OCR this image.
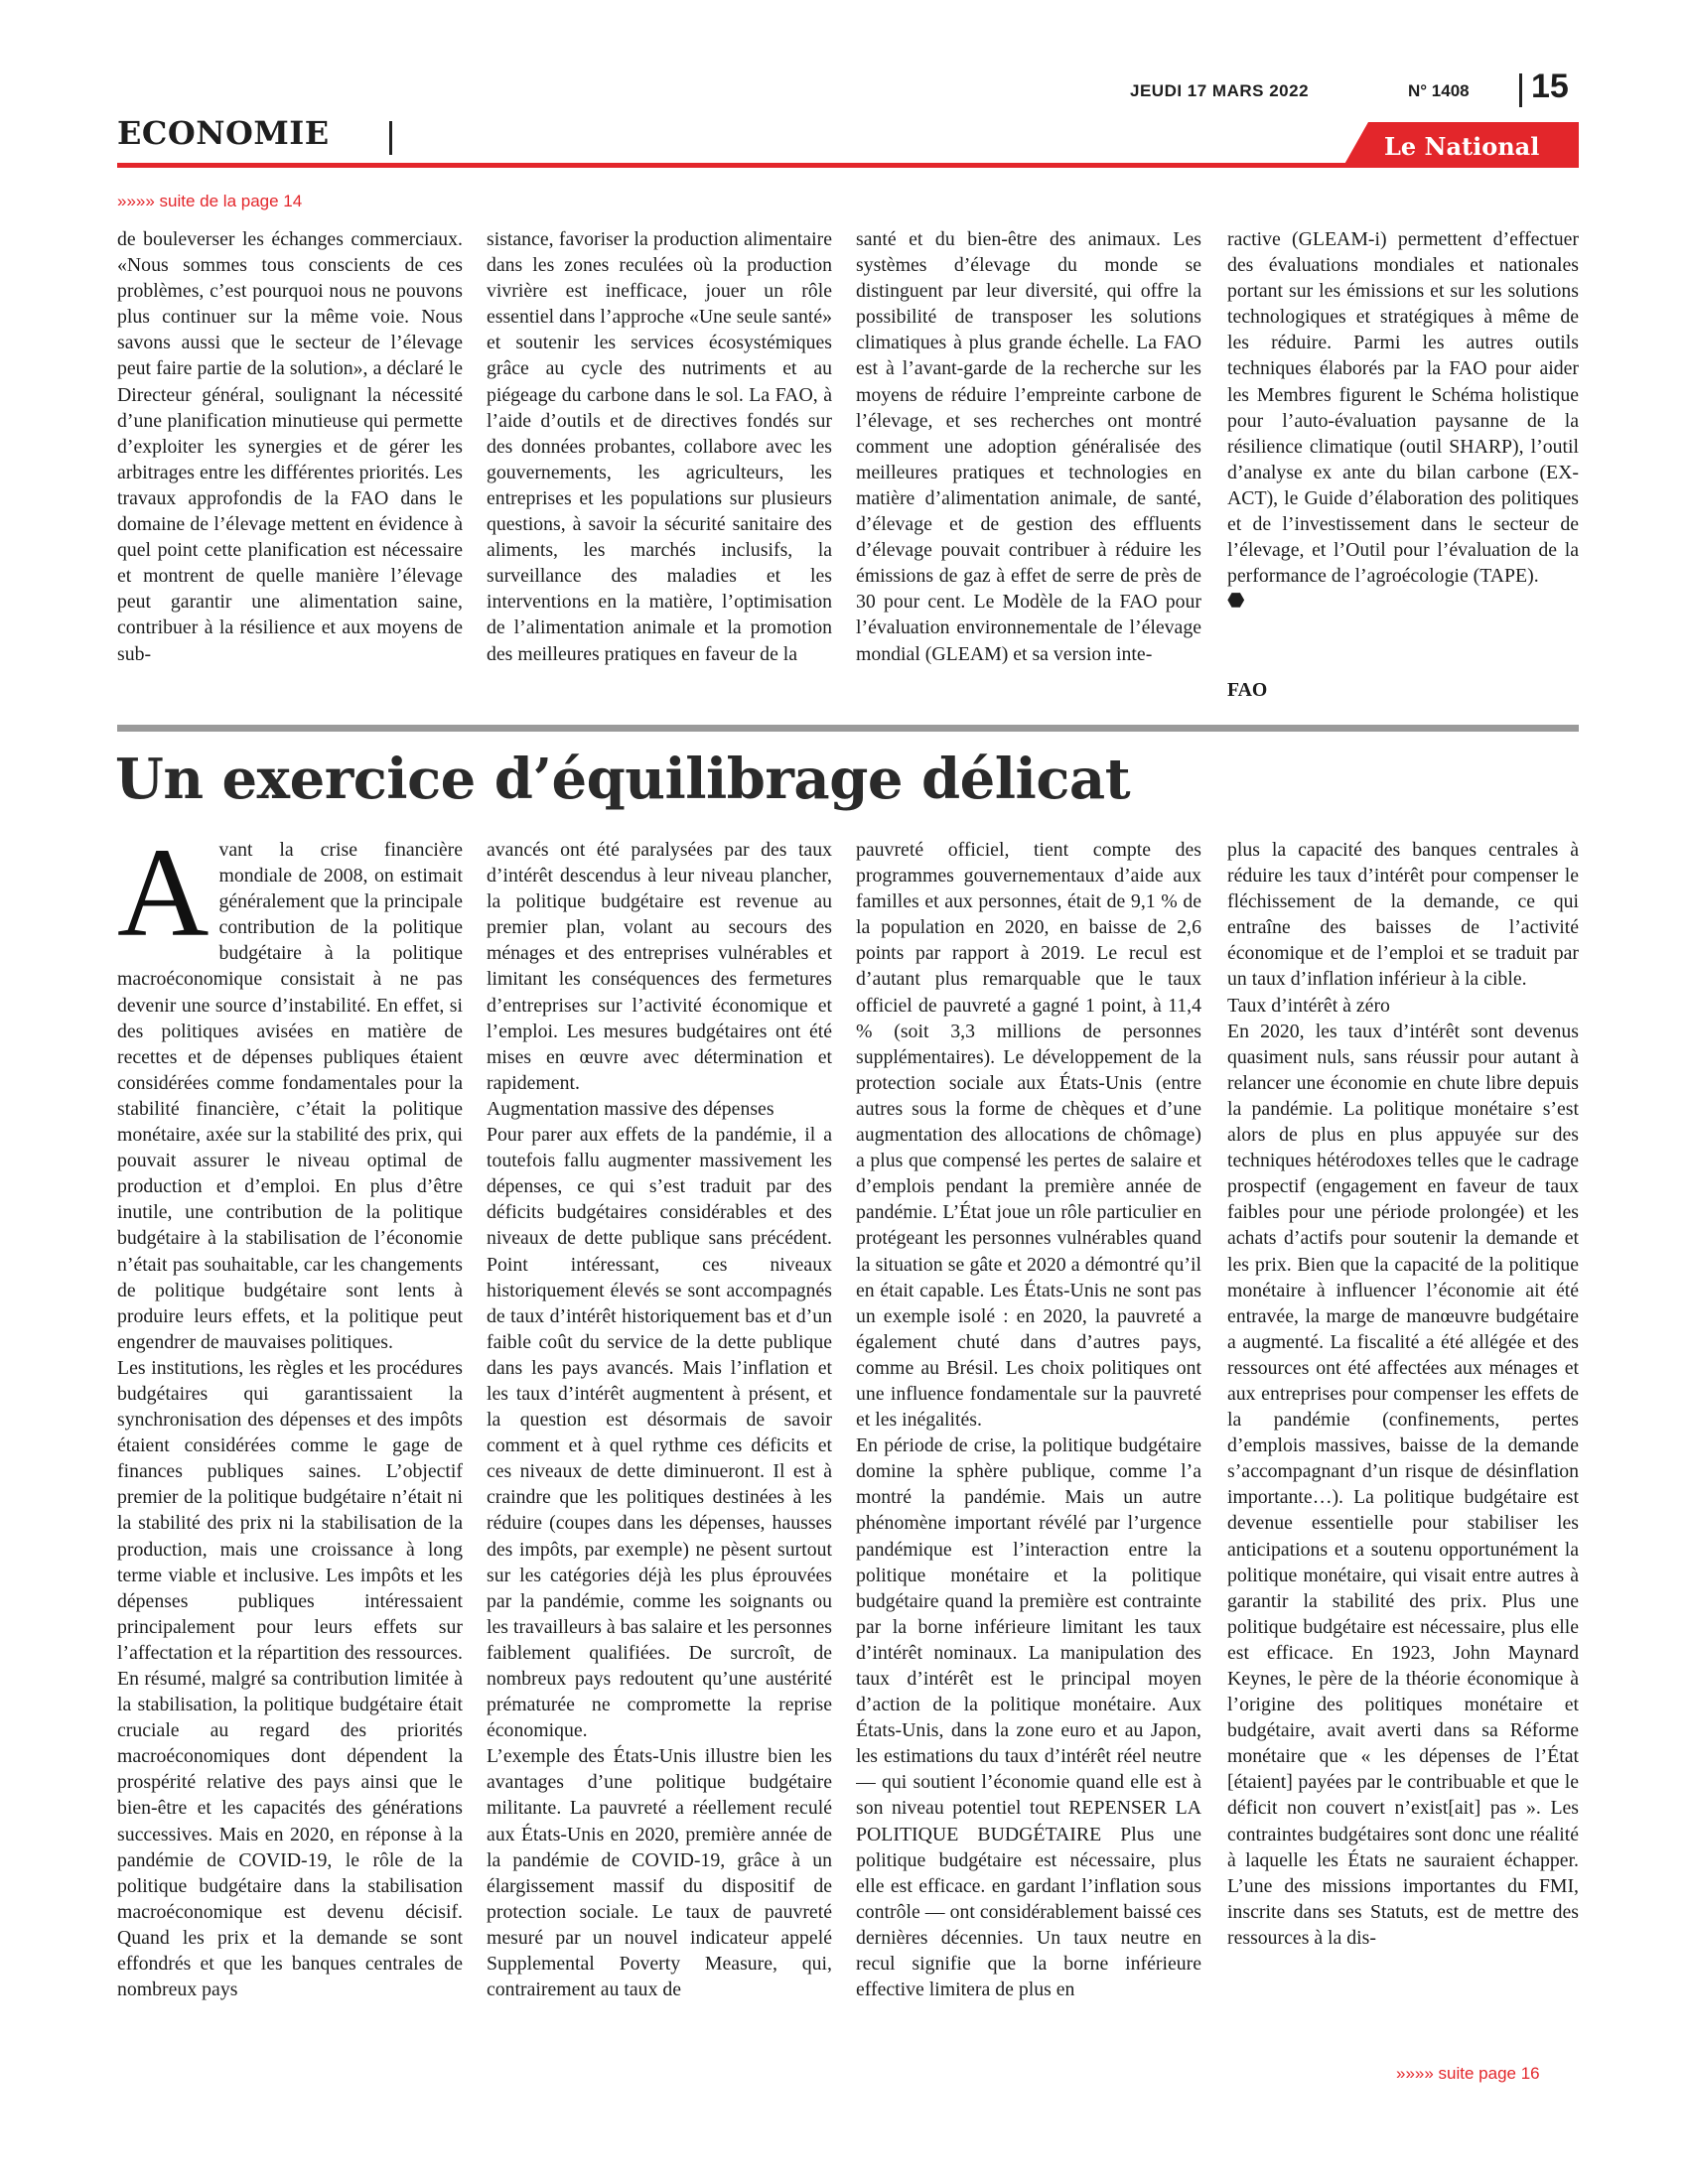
JEUDI 17 MARS 2022	N° 1408 15
ECONOMIE	Le National
»»»» suite de la page 14

de bouleverser les échanges commerciaux. «Nous sommes tous conscients de ces problèmes, c’est pourquoi nous ne pouvons plus continuer sur la même voie. Nous savons aussi que le secteur de l’élevage peut faire partie de la solution», a déclaré le Directeur général, soulignant la nécessité d’une planification minutieuse qui permette d’exploiter les synergies et de gérer les arbitrages entre les différentes priorités. Les travaux approfondis de la FAO dans le domaine de l’élevage mettent en évidence à quel point cette planification est nécessaire et montrent de quelle manière l’élevage peut garantir une alimentation saine, contribuer à la résilience et aux moyens de sub-

sistance, favoriser la production alimentaire dans les zones reculées où la production vivrière est inefficace, jouer un rôle essentiel dans l’approche «Une seule santé» et soutenir les services écosystémiques grâce au cycle des nutriments et au piégeage du carbone dans le sol. La FAO, à l’aide d’outils et de directives fondés sur des données probantes, collabore avec les gouvernements, les agriculteurs, les entreprises et les populations sur plusieurs questions, à savoir la sécurité sanitaire des aliments, les marchés inclusifs, la surveillance des maladies et les interventions en la matière, l’optimisation de l’alimentation animale et la promotion des meilleures pratiques en faveur de la

santé et du bien-être des animaux. Les systèmes d’élevage du monde se distinguent par leur diversité, qui offre la possibilité de transposer les solutions climatiques à plus grande échelle. La FAO est à l’avant-garde de la recherche sur les moyens de réduire l’empreinte carbone de l’élevage, et ses recherches ont montré comment une adoption généralisée des meilleures pratiques et technologies en matière d’alimentation animale, de santé, d’élevage et de gestion des effluents d’élevage pouvait contribuer à réduire les émissions de gaz à effet de serre de près de 30 pour cent. Le Modèle de la FAO pour l’évaluation environnementale de l’élevage mondial (GLEAM) et sa version inte-

ractive (GLEAM-i) permettent d’effectuer des évaluations mondiales et nationales portant sur les émissions et sur les solutions technologiques et stratégiques à même de les réduire. Parmi les autres outils techniques élaborés par la FAO pour aider les Membres figurent le Schéma holistique pour l’auto-évaluation paysanne de la résilience climatique (outil SHARP), l’outil d’analyse ex ante du bilan carbone (EX-ACT), le Guide d’élaboration des politiques et de l’investissement dans le secteur de l’élevage, et l’Outil pour l’évaluation de la performance de l’agroécologie (TAPE).

⬣
FAO
Un exercice d’équilibrage délicat

Avant la crise financière mondiale de 2008, on estimait généralement que la principale contribution de la politique budgétaire à la politique macroéconomique consistait à ne pas devenir une source d’instabilité. En effet, si des politiques avisées en matière de recettes et de dépenses publiques étaient considérées comme fondamentales pour la stabilité financière, c’était la politique monétaire, axée sur la stabilité des prix, qui pouvait assurer le niveau optimal de production et d’emploi. En plus d’être inutile, une contribution de la politique budgétaire à la stabilisation de l’économie n’était pas souhaitable, car les changements de politique budgétaire sont lents à produire leurs effets, et la politique peut engendrer de mauvaises politiques.

Les institutions, les règles et les procédures budgétaires qui garantissaient la synchronisation des dépenses et des impôts étaient considérées comme le gage de finances publiques saines. L’objectif premier de la politique budgétaire n’était ni la stabilité des prix ni la stabilisation de la production, mais une croissance à long terme viable et inclusive. Les impôts et les dépenses publiques intéressaient principalement pour leurs effets sur l’affectation et la répartition des ressources. En résumé, malgré sa contribution limitée à la stabilisation, la politique budgétaire était cruciale au regard des priorités macroéconomiques dont dépendent la prospérité relative des pays ainsi que le bien-être et les capacités des générations successives. Mais en 2020, en réponse à la pandémie de COVID-19, le rôle de la politique budgétaire dans la stabilisation macroéconomique est devenu décisif. Quand les prix et la demande se sont effondrés et que les banques centrales de nombreux pays

avancés ont été paralysées par des taux d’intérêt descendus à leur niveau plancher, la politique budgétaire est revenue au premier plan, volant au secours des ménages et des entreprises vulnérables et limitant les conséquences des fermetures d’entreprises sur l’activité économique et l’emploi. Les mesures budgétaires ont été mises en œuvre avec détermination et rapidement.

Augmentation massive des dépenses

Pour parer aux effets de la pandémie, il a toutefois fallu augmenter massivement les dépenses, ce qui s’est traduit par des déficits budgétaires considérables et des niveaux de dette publique sans précédent. Point intéressant, ces niveaux historiquement élevés se sont accompagnés de taux d’intérêt historiquement bas et d’un faible coût du service de la dette publique dans les pays avancés. Mais l’inflation et les taux d’intérêt augmentent à présent, et la question est désormais de savoir comment et à quel rythme ces déficits et ces niveaux de dette diminueront. Il est à craindre que les politiques destinées à les réduire (coupes dans les dépenses, hausses des impôts, par exemple) ne pèsent surtout sur les catégories déjà les plus éprouvées par la pandémie, comme les soignants ou les travailleurs à bas salaire et les personnes faiblement qualifiées. De surcroît, de nombreux pays redoutent qu’une austérité prématurée ne compromette la reprise économique.

L’exemple des États-Unis illustre bien les avantages d’une politique budgétaire militante. La pauvreté a réellement reculé aux États-Unis en 2020, première année de la pandémie de COVID-19, grâce à un élargissement massif du dispositif de protection sociale. Le taux de pauvreté mesuré par un nouvel indicateur appelé Supplemental Poverty Measure, qui, contrairement au taux de

pauvreté officiel, tient compte des programmes gouvernementaux d’aide aux familles et aux personnes, était de 9,1 % de la population en 2020, en baisse de 2,6 points par rapport à 2019. Le recul est d’autant plus remarquable que le taux officiel de pauvreté a gagné 1 point, à 11,4 % (soit 3,3 millions de personnes supplémentaires). Le développement de la protection sociale aux États-Unis (entre autres sous la forme de chèques et d’une augmentation des allocations de chômage) a plus que compensé les pertes de salaire et d’emplois pendant la première année de pandémie. L’État joue un rôle particulier en protégeant les personnes vulnérables quand la situation se gâte et 2020 a démontré qu’il en était capable. Les États-Unis ne sont pas un exemple isolé : en 2020, la pauvreté a également chuté dans d’autres pays, comme au Brésil. Les choix politiques ont une influence fondamentale sur la pauvreté et les inégalités.

En période de crise, la politique budgétaire domine la sphère publique, comme l’a montré la pandémie. Mais un autre phénomène important révélé par l’urgence pandémique est l’interaction entre la politique monétaire et la politique budgétaire quand la première est contrainte par la borne inférieure limitant les taux d’intérêt nominaux. La manipulation des taux d’intérêt est le principal moyen d’action de la politique monétaire. Aux États-Unis, dans la zone euro et au Japon, les estimations du taux d’intérêt réel neutre — qui soutient l’économie quand elle est à son niveau potentiel tout REPENSER LA POLITIQUE BUDGÉTAIRE Plus une politique budgétaire est nécessaire, plus elle est efficace. en gardant l’inflation sous contrôle — ont considérablement baissé ces dernières décennies. Un taux neutre en recul signifie que la borne inférieure effective limitera de plus en

plus la capacité des banques centrales à réduire les taux d’intérêt pour compenser le fléchissement de la demande, ce qui entraîne des baisses de l’activité économique et de l’emploi et se traduit par un taux d’inflation inférieur à la cible.

Taux d’intérêt à zéro

En 2020, les taux d’intérêt sont devenus quasiment nuls, sans réussir pour autant à relancer une économie en chute libre depuis la pandémie. La politique monétaire s’est alors de plus en plus appuyée sur des techniques hétérodoxes telles que le cadrage prospectif (engagement en faveur de taux faibles pour une période prolongée) et les achats d’actifs pour soutenir la demande et les prix. Bien que la capacité de la politique monétaire à influencer l’économie ait été entravée, la marge de manœuvre budgétaire a augmenté. La fiscalité a été allégée et des ressources ont été affectées aux ménages et aux entreprises pour compenser les effets de la pandémie (confinements, pertes d’emplois massives, baisse de la demande s’accompagnant d’un risque de désinflation importante…). La politique budgétaire est devenue essentielle pour stabiliser les anticipations et a soutenu opportunément la politique monétaire, qui visait entre autres à garantir la stabilité des prix. Plus une politique budgétaire est nécessaire, plus elle est efficace. En 1923, John Maynard Keynes, le père de la théorie économique à l’origine des politiques monétaire et budgétaire, avait averti dans sa Réforme monétaire que « les dépenses de l’État [étaient] payées par le contribuable et que le déficit non couvert n’exist[ait] pas ». Les contraintes budgétaires sont donc une réalité à laquelle les États ne sauraient échapper. L’une des missions importantes du FMI, inscrite dans ses Statuts, est de mettre des ressources à la dis-

»»»» suite page 16
